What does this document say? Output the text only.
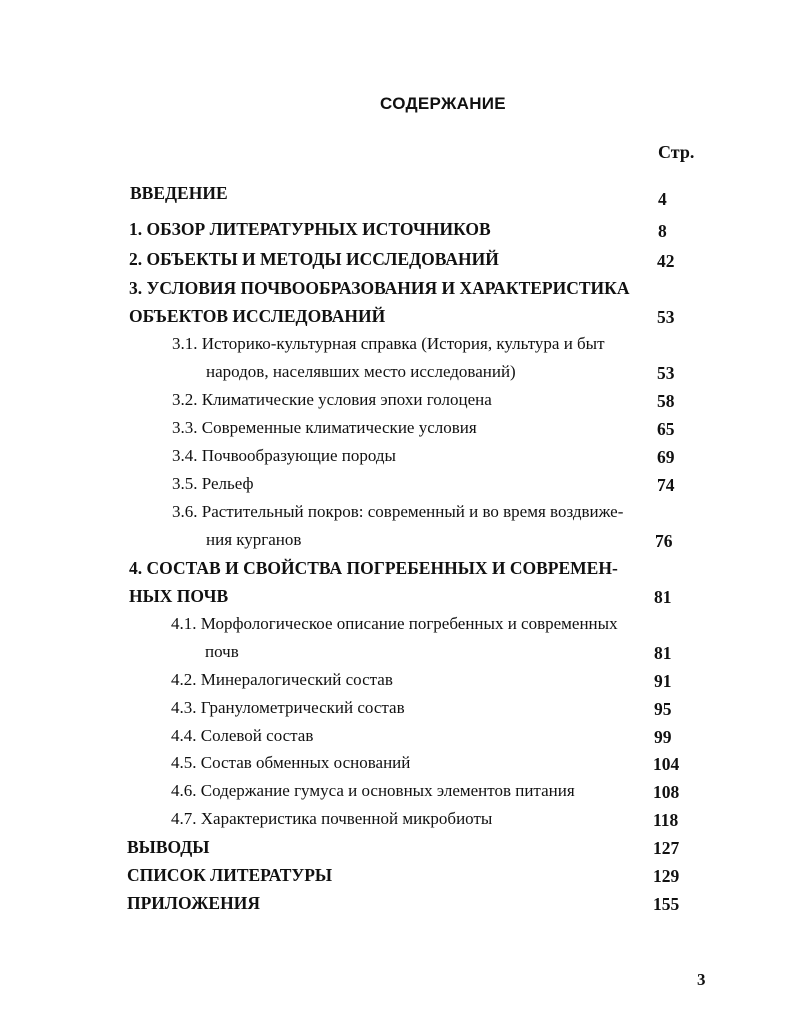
СОДЕРЖАНИЕ
Стр.
ВВЕДЕНИЕ	4
1. ОБЗОР ЛИТЕРАТУРНЫХ ИСТОЧНИКОВ	8
2. ОБЪЕКТЫ И МЕТОДЫ ИССЛЕДОВАНИЙ	42
3. УСЛОВИЯ ПОЧВООБРАЗОВАНИЯ И ХАРАКТЕРИСТИКА
ОБЪЕКТОВ ИССЛЕДОВАНИЙ	53
3.1. Историко-культурная справка (История, культура и быт
народов, населявших место исследований)	53
3.2. Климатические условия эпохи голоцена	58
3.3. Современные климатические условия	65
3.4. Почвообразующие породы	69
3.5. Рельеф	74
3.6. Растительный покров: современный и во время воздвиже-
ния курганов	76
4. СОСТАВ И СВОЙСТВА ПОГРЕБЕННЫХ И СОВРЕМЕН-
НЫХ ПОЧВ	81
4.1. Морфологическое описание погребенных и современных
почв	81
4.2. Минералогический состав	91
4.3. Гранулометрический состав	95
4.4. Солевой состав	99
4.5. Состав обменных оснований	104
4.6. Содержание гумуса и основных элементов питания	108
4.7. Характеристика почвенной микробиоты	118
ВЫВОДЫ	127
СПИСОК ЛИТЕРАТУРЫ	129
ПРИЛОЖЕНИЯ	155
3
